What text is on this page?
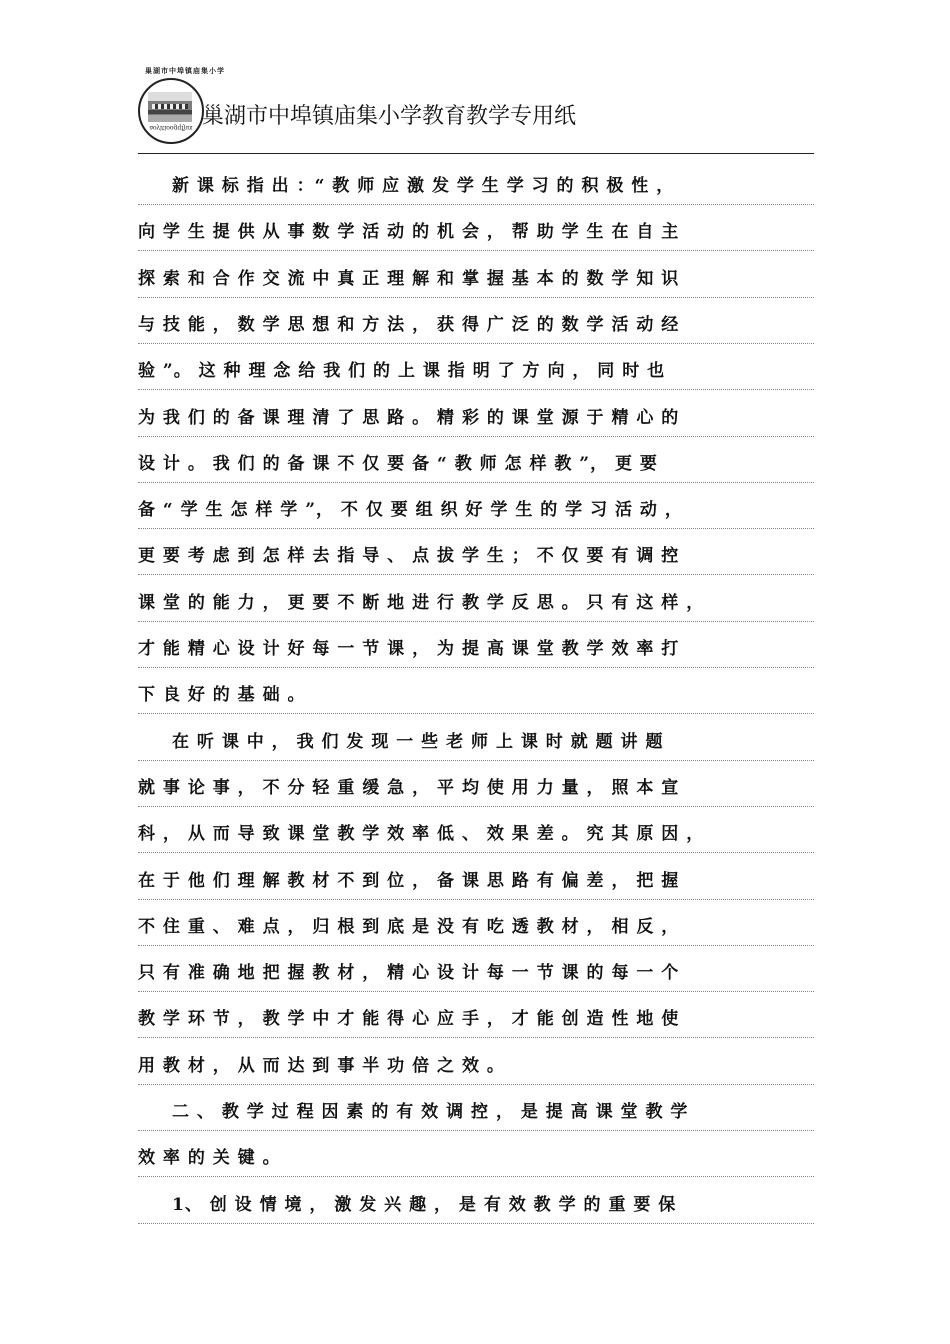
aoyitioogqfjux
巢湖市中埠镇庙集小学
巢湖市中埠镇庙集小学教育教学专用纸
新 课 标 指 出 ：“ 教 师 应 激 发 学 生 学 习 的 积 极 性 ，
向 学 生 提 供 从 事 数 学 活 动 的 机 会 ， 帮 助 学 生 在 自 主
探 索 和 合 作 交 流 中 真 正 理 解 和 掌 握 基 本 的 数 学 知 识
与 技 能 ， 数 学 思 想 和 方 法 ， 获 得 广 泛 的 数 学 活 动 经
验 ”。 这 种 理 念 给 我 们 的 上 课 指 明 了 方 向 ， 同 时 也
为 我 们 的 备 课 理 清 了 思 路 。 精 彩 的 课 堂 源 于 精 心 的
设 计 。 我 们 的 备 课 不 仅 要 备 “ 教 师 怎 样 教 ”， 更 要
备 “ 学 生 怎 样 学 ”， 不 仅 要 组 织 好 学 生 的 学 习 活 动 ，
更 要 考 虑 到 怎 样 去 指 导 、 点 拔 学 生 ； 不 仅 要 有 调 控
课 堂 的 能 力 ， 更 要 不 断 地 进 行 教 学 反 思 。 只 有 这 样 ，
才 能 精 心 设 计 好 每 一 节 课 ， 为 提 高 课 堂 教 学 效 率 打
下 良 好 的 基 础 。
在 听 课 中 ， 我 们 发 现 一 些 老 师 上 课 时 就 题 讲 题
就 事 论 事 ， 不 分 轻 重 缓 急 ， 平 均 使 用 力 量 ， 照 本 宣
科 ， 从 而 导 致 课 堂 教 学 效 率 低 、 效 果 差 。 究 其 原 因 ，
在 于 他 们 理 解 教 材 不 到 位 ， 备 课 思 路 有 偏 差 ， 把 握
不 住 重 、 难 点 ， 归 根 到 底 是 没 有 吃 透 教 材 ， 相 反 ，
只 有 准 确 地 把 握 教 材 ， 精 心 设 计 每 一 节 课 的 每 一 个
教 学 环 节 ， 教 学 中 才 能 得 心 应 手 ， 才 能 创 造 性 地 使
用 教 材 ， 从 而 达 到 事 半 功 倍 之 效 。
二 、 教 学 过 程 因 素 的 有 效 调 控 ， 是 提 高 课 堂 教 学
效 率 的 关 键 。
1、 创 设 情 境 ， 激 发 兴 趣 ， 是 有 效 教 学 的 重 要 保
